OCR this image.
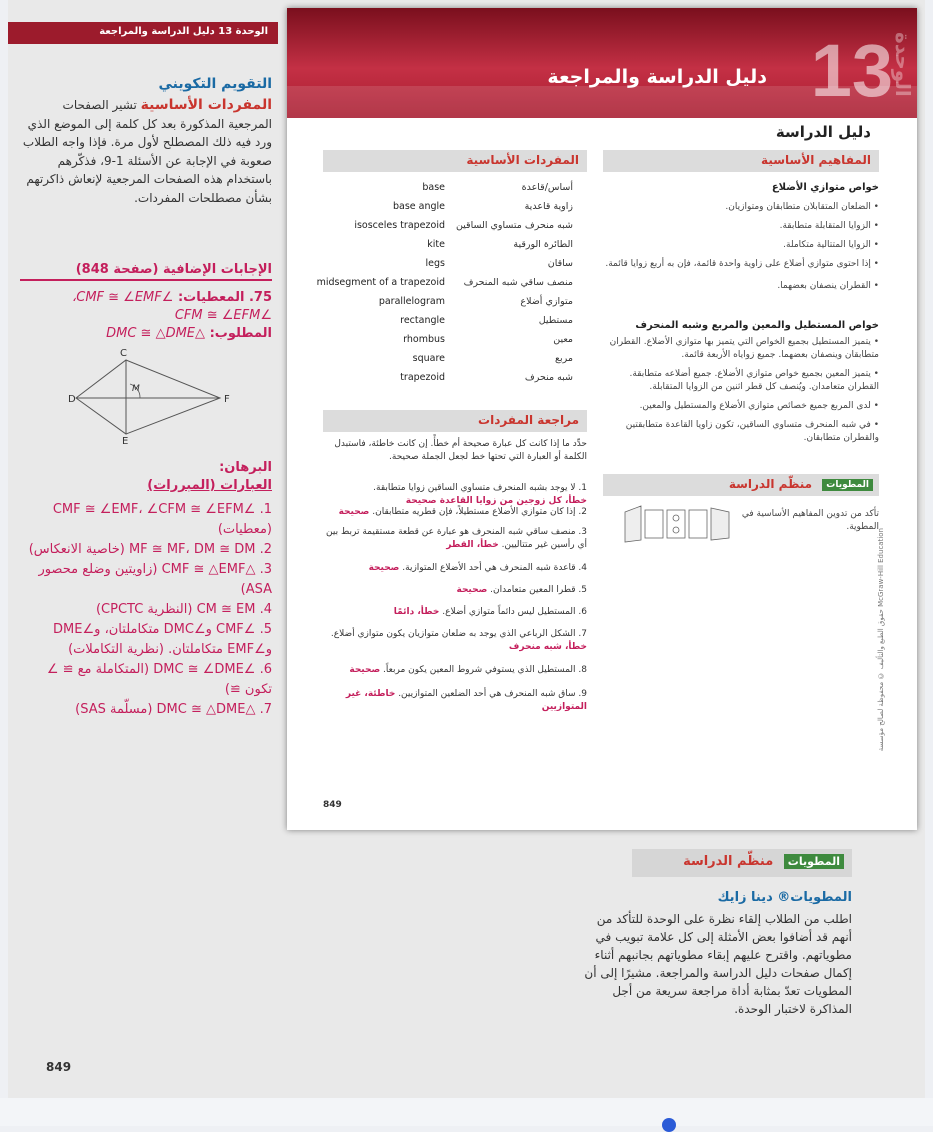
الوحدة 13 دليل الدراسة والمراجعة
التقويم التكويني
المفردات الأساسية تشير الصفحات المرجعية المذكورة بعد كل كلمة إلى الموضع الذي ورد فيه ذلك المصطلح لأول مرة. فإذا واجه الطلاب صعوبة في الإجابة عن الأسئلة 1-9، فذكّرهم باستخدام هذه الصفحات المرجعية لإنعاش ذاكرتهم بشأن مصطلحات المفردات.
الإجابات الإضافية (صفحة 848)
75. المعطيات: ∠CMF ≅ ∠EMF،
∠CFM ≅ ∠EFM
المطلوب: △DMC ≅ △DME
C
D	F
E
M
البرهان:
العبارات (المبررات)
1. ∠CMF ≅ ∠EMF، ∠CFM ≅ ∠EFM (معطيات)
2. MF ≅ MF، DM ≅ DM (خاصية الانعكاس)
3. △CMF ≅ △EMF (زاويتين وضلع محصور ASA)
4. CM ≅ EM (النظرية CPCTC)
5. ∠CMF و∠DMC متكاملتان، و∠DME و∠EMF متكاملتان. (نظرية التكاملات)
6. ∠DMC ≅ ∠DME (المتكاملة مع ≅ ∠ تكون ≅)
7. △DMC ≅ △DME (مسلّمة SAS)
13
الوحدة
دليل الدراسة والمراجعة
دليل الدراسة
المفاهيم الأساسية
خواص متوازي الأضلاع
• الضلعان المتقابلان متطابقان ومتوازيان.
• الزوايا المتقابلة متطابقة.
• الزوايا المتتالية متكاملة.
• إذا احتوى متوازي أضلاع على زاوية واحدة قائمة، فإن به أربع زوايا قائمة.
• القطران ينصفان بعضهما.
خواص المستطيل والمعين والمربع وشبه المنحرف
• يتميز المستطيل بجميع الخواص التي يتميز بها متوازي الأضلاع. القطران متطابقان وينصفان بعضهما. جميع زواياه الأربعة قائمة.
• يتميز المعين بجميع خواص متوازي الأضلاع. جميع أضلاعه متطابقة. القطران متعامدان. ويُنصف كل قطر اثنين من الزوايا المتقابلة.
• لدى المربع جميع خصائص متوازي الأضلاع والمستطيل والمعين.
• في شبه المنحرف متساوي الساقين، تكون زاويا القاعدة متطابقتين والقطران متطابقان.
المطويات منظّم الدراسة
تأكد من تدوين المفاهيم الأساسية في المطوية.
المفردات الأساسية
base	أساس/قاعدة
base angle	زاوية قاعدية
isosceles trapezoid شبه منحرف متساوي الساقين
kite	الطائرة الورقية
legs	ساقان
midsegment of a trapezoid	منصف ساقي شبه المنحرف
parallelogram	متوازي أضلاع
rectangle	مستطيل
rhombus	معين
square	مربع
trapezoid	شبه منحرف
مراجعة المفردات
حدِّد ما إذا كانت كل عبارة صحيحة أم خطأً. إن كانت خاطئة، فاستبدل الكلمة أو العبارة التي تحتها خط لجعل الجملة صحيحة.
1. لا يوجد بشبه المنحرف متساوي الساقين زوايا متطابقة.
خطأ، كل زوجين من زوايا القاعدة صحيحة
2. إذا كان متوازي الأضلاع مستطيلاً، فإن قطريه متطابقان. صحيحة
3. منصف ساقي شبه المنحرف هو عبارة عن قطعة مستقيمة تربط بين أي رأسين غير متتاليين. خطأ، القطر
4. قاعدة شبه المنحرف هي أحد الأضلاع المتوازية. صحيحة
5. قطرا المعين متعامدان. صحيحة
6. المستطيل ليس دائماً متوازي أضلاع. خطأ، دائمًا
7. الشكل الرباعي الذي يوجد به ضلعان متوازيان يكون متوازي أضلاع. خطأ، شبه منحرف
8. المستطيل الذي يستوفي شروط المعين يكون مربعاً. صحيحة
9. ساق شبه المنحرف هي أحد الضلعين المتوازيين. خاطئة، غير المتوازيين
849
حقوق الطبع والتأليف © محفوظة لصالح مؤسسة McGraw-Hill Education
المطويات منظّم الدراسة
المطويات® دينا زايك
اطلب من الطلاب إلقاء نظرة على الوحدة للتأكد من أنهم قد أضافوا بعض الأمثلة إلى كل علامة تبويب في مطوياتهم. واقترح عليهم إبقاء مطوياتهم بجانبهم أثناء إكمال صفحات دليل الدراسة والمراجعة. مشيرًا إلى أن المطويات تعدّ بمثابة أداة مراجعة سريعة من أجل المذاكرة لاختبار الوحدة.
849
